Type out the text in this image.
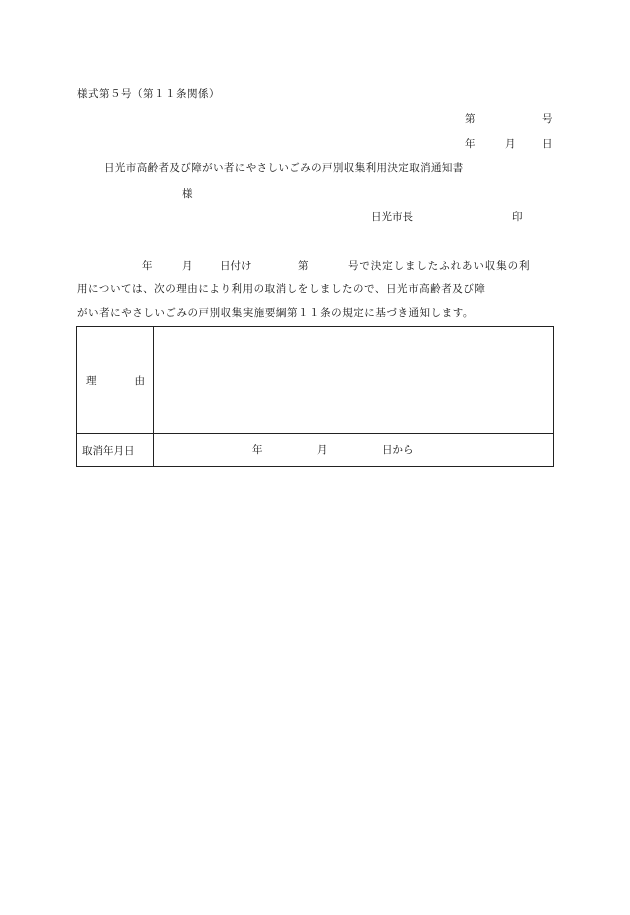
様式第５号（第１１条関係）
第	号
年	月	日
日光市高齢者及び障がい者にやさしいごみの戸別収集利用決定取消通知書
様
日光市長	印
年	月	日付け	第	号で決定しましたふれあい収集の利
用については、次の理由により利用の取消しをしましたので、日光市高齢者及び障
がい者にやさしいごみの戸別収集実施要綱第１１条の規定に基づき通知します。
理 由	

取消年月日	年 月 日から
